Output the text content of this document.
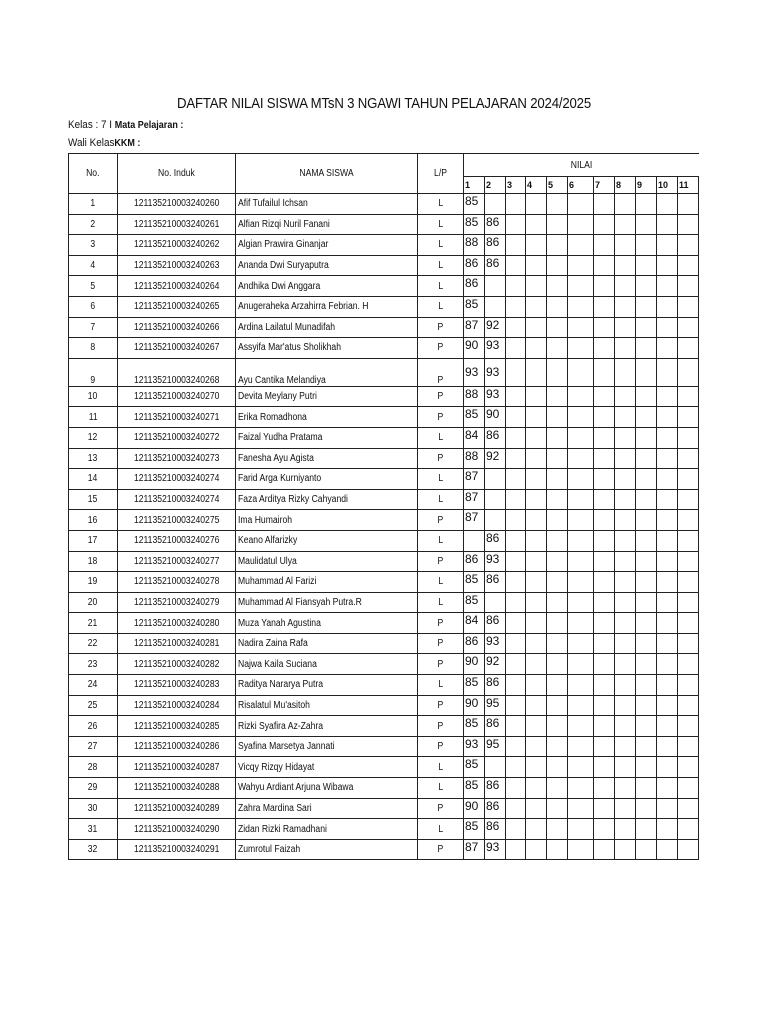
DAFTAR NILAI SISWA MTsN 3 NGAWI TAHUN PELAJARAN 2024/2025
Kelas : 7 I Mata Pelajaran :
Wali KelasKKM :
No.	No. Induk	NAMA SISWA	L/P	NILAI										
				1	2	3	4	5	6	7	8	9	10	11
1	121135210003240260	Afif Tufailul Ichsan	L	85										
2	121135210003240261	Alfian Rizqi Nuril Fanani	L	85	86									
3	121135210003240262	Algian Prawira Ginanjar	L	88	86									
4	121135210003240263	Ananda Dwi Suryaputra	L	86	86									
5	121135210003240264	Andhika Dwi Anggara	L	86										
6	121135210003240265	Anugeraheka Arzahirra Febrian. H	L	85										
7	121135210003240266	Ardina Lailatul Munadifah	P	87	92									
8	121135210003240267	Assyifa Mar'atus Sholikhah	P	90	93									
9	121135210003240268	Ayu Cantika Melandiya	P	93	93									
10	121135210003240270	Devita Meylany Putri	P	88	93									
11	121135210003240271	Erika Romadhona	P	85	90									
12	121135210003240272	Faizal Yudha Pratama	L	84	86									
13	121135210003240273	Fanesha Ayu Agista	P	88	92									
14	121135210003240274	Farid Arga Kurniyanto	L	87										
15	121135210003240274	Faza Arditya Rizky Cahyandi	L	87										
16	121135210003240275	Ima Humairoh	P	87										
17	121135210003240276	Keano Alfarizky	L		86									
18	121135210003240277	Maulidatul Ulya	P	86	93									
19	121135210003240278	Muhammad Al Farizi	L	85	86									
20	121135210003240279	Muhammad Al Fiansyah Putra.R	L	85										
21	121135210003240280	Muza Yanah Agustina	P	84	86									
22	121135210003240281	Nadira Zaina Rafa	P	86	93									
23	121135210003240282	Najwa Kaila Suciana	P	90	92									
24	121135210003240283	Raditya Nararya Putra	L	85	86									
25	121135210003240284	Risalatul Mu'asitoh	P	90	95									
26	121135210003240285	Rizki Syafira Az-Zahra	P	85	86									
27	121135210003240286	Syafina Marsetya Jannati	P	93	95									
28	121135210003240287	Vicqy Rizqy Hidayat	L	85										
29	121135210003240288	Wahyu Ardiant Arjuna Wibawa	L	85	86									
30	121135210003240289	Zahra Mardina Sari	P	90	86									
31	121135210003240290	Zidan Rizki Ramadhani	L	85	86									
32	121135210003240291	Zumrotul Faizah	P	87	93									
